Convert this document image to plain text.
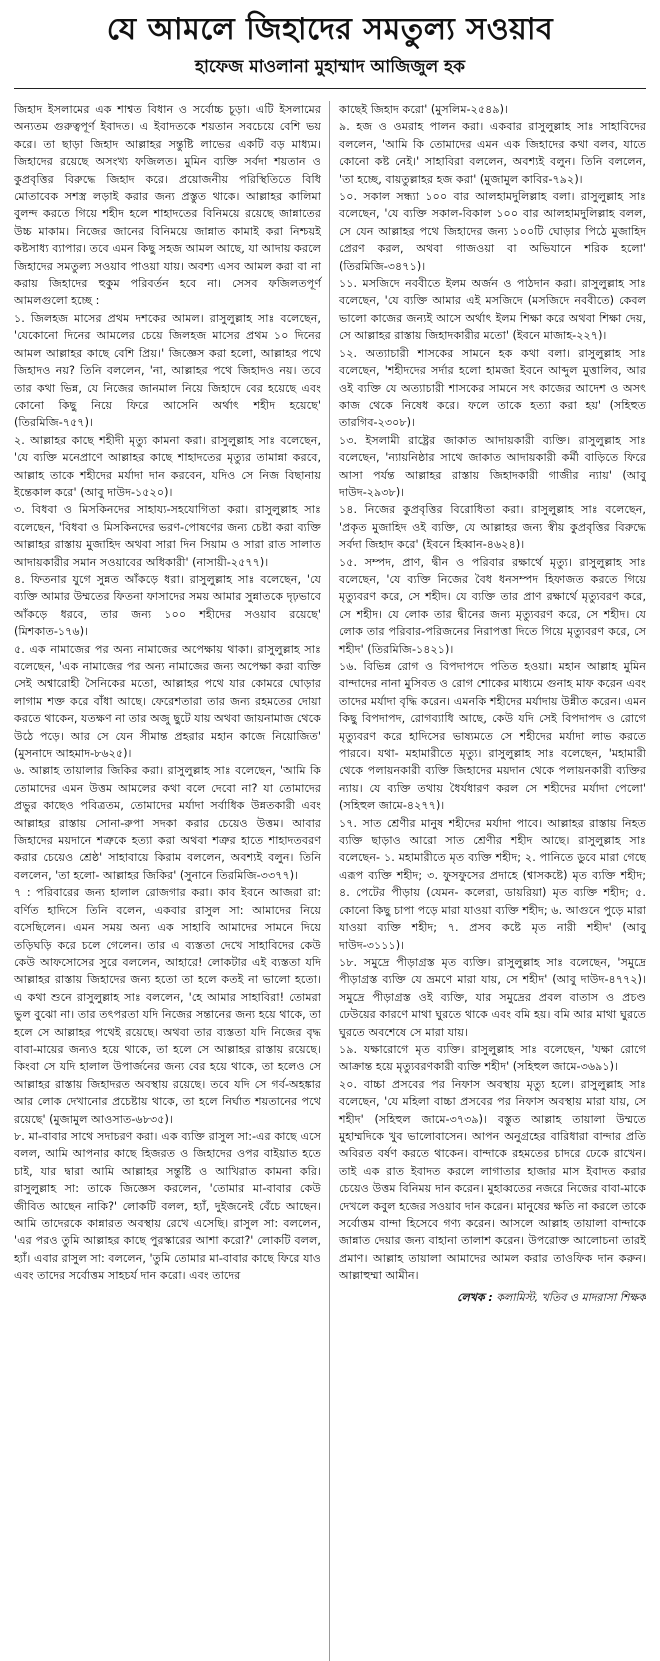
যে আমলে জিহাদের সমতুল্য সওয়াব
হাফেজ মাওলানা মুহাম্মাদ আজিজুল হক

জিহাদ ইসলামের এক শাশ্বত বিধান ও সর্বোচ্চ চূড়া। এটি ইসলামের অন্যতম গুরুত্বপূর্ণ ইবাদত। এ ইবাদতকে শয়তান সবচেয়ে বেশি ভয় করে। তা ছাড়া জিহাদ আল্লাহর সন্তুষ্টি লাভের একটি বড় মাধ্যম। জিহাদের রয়েছে অসংখ্য ফজিলত। মুমিন ব্যক্তি সর্বদা শয়তান ও কুপ্রবৃত্তির বিরুদ্ধে জিহাদ করে। প্রয়োজনীয় পরিস্থিতিতে বিধি মোতাবেক সশস্ত্র লড়াই করার জন্য প্রস্তুত থাকে। আল্লাহর কালিমা বুলন্দ করতে গিয়ে শহীদ হলে শাহাদতের বিনিময়ে রয়েছে জান্নাতের উচ্চ মাকাম। নিজের জানের বিনিময়ে জান্নাত কামাই করা নিশ্চয়ই কষ্টসাধ্য ব্যাপার। তবে এমন কিছু সহজ আমল আছে, যা আদায় করলে জিহাদের সমতুল্য সওয়াব পাওয়া যায়। অবশ্য এসব আমল করা বা না করায় জিহাদের হুকুম পরিবর্তন হবে না। সেসব ফজিলতপূর্ণ আমলগুলো হচ্ছে :

১. জিলহজ মাসের প্রথম দশকের আমল। রাসুলুল্লাহ সাঃ বলেছেন, 'যেকোনো দিনের আমলের চেয়ে জিলহজ মাসের প্রথম ১০ দিনের আমল আল্লাহর কাছে বেশি প্রিয়।' জিজ্ঞেস করা হলো, আল্লাহর পথে জিহাদও নয়? তিনি বললেন, 'না, আল্লাহর পথে জিহাদও নয়। তবে তার কথা ভিন্ন, যে নিজের জানমাল নিয়ে জিহাদে বের হয়েছে এবং কোনো কিছু নিয়ে ফিরে আসেনি অর্থাৎ শহীদ হয়েছে' (তিরমিজি-৭৫৭)।

২. আল্লাহর কাছে শহীদী মৃত্যু কামনা করা। রাসুলুল্লাহ সাঃ বলেছেন, 'যে ব্যক্তি মনেপ্রাণে আল্লাহর কাছে শাহাদতের মৃত্যুর তামান্না করবে, আল্লাহ তাকে শহীদের মর্যাদা দান করবেন, যদিও সে নিজ বিছানায় ইন্তেকাল করে' (আবু দাউদ-১৫২০)।

৩. বিধবা ও মিসকিনদের সাহায্য-সহযোগিতা করা। রাসুলুল্লাহ সাঃ বলেছেন, 'বিধবা ও মিসকিনদের ভরণ-পোষণের জন্য চেষ্টা করা ব্যক্তি আল্লাহর রাস্তায় মুজাহিদ অথবা সারা দিন সিয়াম ও সারা রাত সালাত আদায়কারীর সমান সওয়াবের অধিকারী' (নাসায়ী-২৫৭৭)।

৪. ফিতনার যুগে সুন্নত আঁকড়ে ধরা। রাসুলুল্লাহ সাঃ বলেছেন, 'যে ব্যক্তি আমার উম্মতের ফিতনা ফাসাদের সময় আমার সুন্নাতকে দৃঢ়ভাবে আঁকড়ে ধরবে, তার জন্য ১০০ শহীদের সওয়াব রয়েছে' (মিশকাত-১৭৬)।

৫. এক নামাজের পর অন্য নামাজের অপেক্ষায় থাকা। রাসুলুল্লাহ সাঃ বলেছেন, 'এক নামাজের পর অন্য নামাজের জন্য অপেক্ষা করা ব্যক্তি সেই অশ্বারোহী সৈনিকের মতো, আল্লাহর পথে যার কোমরে ঘোড়ার লাগাম শক্ত করে বাঁধা আছে। ফেরেশতারা তার জন্য রহমতের দোয়া করতে থাকেন, যতক্ষণ না তার অজু ছুটে যায় অথবা জায়নামাজ থেকে উঠে পড়ে। আর সে যেন সীমান্ত প্রহরার মহান কাজে নিয়োজিত' (মুসনাদে আহমাদ-৮৬২৫)।

৬. আল্লাহ তায়ালার জিকির করা। রাসুলুল্লাহ সাঃ বলেছেন, 'আমি কি তোমাদের এমন উত্তম আমলের কথা বলে দেবো না? যা তোমাদের প্রভুর কাছেও পবিত্রতম, তোমাদের মর্যাদা সর্বাধিক উন্নতকারী এবং আল্লাহর রাস্তায় সোনা-রুপা সদকা করার চেয়েও উত্তম। আবার জিহাদের ময়দানে শত্রুকে হত্যা করা অথবা শত্রুর হাতে শাহাদতবরণ করার চেয়েও শ্রেষ্ঠ' সাহাবায়ে কিরাম বললেন, অবশ্যই বলুন। তিনি বললেন, 'তা হলো- আল্লাহর জিকির' (সুনানে তিরমিজি-৩৩৭৭)।

৭ : পরিবারের জন্য হালাল রোজগার করা। কাব ইবনে আজরা রা: বর্ণিত হাদিসে তিনি বলেন, একবার রাসুল সা: আমাদের নিয়ে বসেছিলেন। এমন সময় অন্য এক সাহাবি আমাদের সামনে দিয়ে তড়িঘড়ি করে চলে গেলেন। তার এ ব্যস্ততা দেখে সাহাবিদের কেউ কেউ আফসোসের সুরে বললেন, আহারে! লোকটার এই ব্যস্ততা যদি আল্লাহর রাস্তায় জিহাদের জন্য হতো তা হলে কতই না ভালো হতো। এ কথা শুনে রাসুলুল্লাহ সাঃ বললেন, 'হে আমার সাহাবিরা! তোমরা ভুল বুঝো না। তার তৎপরতা যদি নিজের সন্তানের জন্য হয়ে থাকে, তা হলে সে আল্লাহর পথেই রয়েছে। অথবা তার ব্যস্ততা যদি নিজের বৃদ্ধ বাবা-মায়ের জন্যও হয়ে থাকে, তা হলে সে আল্লাহর রাস্তায় রয়েছে। কিংবা সে যদি হালাল উপার্জনের জন্য বের হয়ে থাকে, তা হলেও সে আল্লাহর রাস্তায় জিহাদরত অবস্থায় রয়েছে। তবে যদি সে গর্ব-অহঙ্কার আর লোক দেখানোর প্রচেষ্টায় থাকে, তা হলে নির্ঘাত শয়তানের পথে রয়েছে' (মুজামুল আওসাত-৬৮৩৫)।

৮. মা-বাবার সাথে সদাচরণ করা। এক ব্যক্তি রাসুল সা:-এর কাছে এসে বলল, আমি আপনার কাছে হিজরত ও জিহাদের ওপর বাইয়াত হতে চাই, যার দ্বারা আমি আল্লাহর সন্তুষ্টি ও আখিরাত কামনা করি। রাসুলুল্লাহ সা: তাকে জিজ্ঞেস করলেন, 'তোমার মা-বাবার কেউ জীবিত আছেন নাকি?' লোকটি বলল, হ্যাঁ, দুইজনেই বেঁচে আছেন। আমি তাদেরকে কান্নারত অবস্থায় রেখে এসেছি। রাসুল সা: বললেন, 'এর পরও তুমি আল্লাহর কাছে পুরস্কারের আশা করো?' লোকটি বলল, হ্যাঁ। এবার রাসুল সা: বললেন, 'তুমি তোমার মা-বাবার কাছে ফিরে যাও এবং তাদের সর্বোত্তম সাহচর্য দান করো। এবং তাদের

কাছেই জিহাদ করো' (মুসলিম-২৫৪৯)।

৯. হজ ও ওমরাহ পালন করা। একবার রাসুলুল্লাহ সাঃ সাহাবিদের বললেন, 'আমি কি তোমাদের এমন এক জিহাদের কথা বলব, যাতে কোনো কষ্ট নেই।' সাহাবিরা বললেন, অবশ্যই বলুন। তিনি বললেন, 'তা হচ্ছে, বায়তুল্লাহর হজ করা' (মুজামুল কাবির-৭৯২)।

১০. সকাল সন্ধ্যা ১০০ বার আলহামদুলিল্লাহ বলা। রাসুলুল্লাহ সাঃ বলেছেন, 'যে ব্যক্তি সকাল-বিকাল ১০০ বার আলহামদুলিল্লাহ বলল, সে যেন আল্লাহর পথে জিহাদের জন্য ১০০টি ঘোড়ার পিঠে মুজাহিদ প্রেরণ করল, অথবা গাজওয়া বা অভিযানে শরিক হলো' (তিরমিজি-৩৪৭১)।

১১. মসজিদে নববীতে ইলম অর্জন ও পাঠদান করা। রাসুলুল্লাহ সাঃ বলেছেন, 'যে ব্যক্তি আমার এই মসজিদে (মসজিদে নববীতে) কেবল ভালো কাজের জন্যই আসে অর্থাৎ ইলম শিক্ষা করে অথবা শিক্ষা দেয়, সে আল্লাহর রাস্তায় জিহাদকারীর মতো' (ইবনে মাজাহ-২২৭)।

১২. অত্যাচারী শাসকের সামনে হক কথা বলা। রাসুলুল্লাহ সাঃ বলেছেন, 'শহীদদের সর্দার হলো হামজা ইবনে আব্দুল মুত্তালিব, আর ওই ব্যক্তি যে অত্যাচারী শাসকের সামনে সৎ কাজের আদেশ ও অসৎ কাজ থেকে নিষেধ করে। ফলে তাকে হত্যা করা হয়' (সহিহুত তারগিব-২৩০৮)।

১৩. ইসলামী রাষ্ট্রের জাকাত আদায়কারী ব্যক্তি। রাসুলুল্লাহ সাঃ বলেছেন, 'ন্যায়নিষ্ঠার সাথে জাকাত আদায়কারী কর্মী বাড়িতে ফিরে আসা পর্যন্ত আল্লাহর রাস্তায় জিহাদকারী গাজীর ন্যায়' (আবু দাউদ-২৯৩৮)।

১৪. নিজের কুপ্রবৃত্তির বিরোধিতা করা। রাসুলুল্লাহ সাঃ বলেছেন, 'প্রকৃত মুজাহিদ ওই ব্যক্তি, যে আল্লাহর জন্য স্বীয় কুপ্রবৃত্তির বিরুদ্ধে সর্বদা জিহাদ করে' (ইবনে হিব্বান-৪৬২৪)।

১৫. সম্পদ, প্রাণ, দ্বীন ও পরিবার রক্ষার্থে মৃত্যু। রাসুলুল্লাহ সাঃ বলেছেন, 'যে ব্যক্তি নিজের বৈধ ধনসম্পদ হিফাজত করতে গিয়ে মৃত্যুবরণ করে, সে শহীদ। যে ব্যক্তি তার প্রাণ রক্ষার্থে মৃত্যুবরণ করে, সে শহীদ। যে লোক তার দ্বীনের জন্য মৃত্যুবরণ করে, সে শহীদ। যে লোক তার পরিবার-পরিজনের নিরাপত্তা দিতে গিয়ে মৃত্যুবরণ করে, সে শহীদ' (তিরমিজি-১৪২১)।

১৬. বিভিন্ন রোগ ও বিপদাপদে পতিত হওয়া। মহান আল্লাহ মুমিন বান্দাদের নানা মুসিবত ও রোগ শোকের মাধ্যমে গুনাহ মাফ করেন এবং তাদের মর্যাদা বৃদ্ধি করেন। এমনকি শহীদের মর্যাদায় উন্নীত করেন। এমন কিছু বিপদাপদ, রোগব্যাধি আছে, কেউ যদি সেই বিপদাপদ ও রোগে মৃত্যুবরণ করে হাদিসের ভাষ্যমতে সে শহীদের মর্যাদা লাভ করতে পারবে। যথা- মহামারীতে মৃত্যু। রাসুলুল্লাহ সাঃ বলেছেন, 'মহামারী থেকে পলায়নকারী ব্যক্তি জিহাদের ময়দান থেকে পলায়নকারী ব্যক্তির ন্যায়। যে ব্যক্তি তথায় ধৈর্যধারণ করল সে শহীদের মর্যাদা পেলো' (সহিহুল জামে-৪২৭৭)।

১৭. সাত শ্রেণীর মানুষ শহীদের মর্যাদা পাবে। আল্লাহর রাস্তায় নিহত ব্যক্তি ছাড়াও আরো সাত শ্রেণীর শহীদ আছে। রাসুলুল্লাহ সাঃ বলেছেন- ১. মহামারীতে মৃত ব্যক্তি শহীদ; ২. পানিতে ডুবে মারা গেছে এরূপ ব্যক্তি শহীদ; ৩. ফুসফুসের প্রদাহে (শ্বাসকষ্টে) মৃত ব্যক্তি শহীদ; ৪. পেটের পীড়ায় (যেমন- কলেরা, ডায়রিয়া) মৃত ব্যক্তি শহীদ; ৫. কোনো কিছু চাপা পড়ে মারা যাওয়া ব্যক্তি শহীদ; ৬. আগুনে পুড়ে মারা যাওয়া ব্যক্তি শহীদ; ৭. প্রসব কষ্টে মৃত নারী শহীদ' (আবু দাউদ-৩১১১)।

১৮. সমুদ্রে পীড়াগ্রস্ত মৃত ব্যক্তি। রাসুলুল্লাহ সাঃ বলেছেন, 'সমুদ্রে পীড়াগ্রস্ত ব্যক্তি যে ভ্রমণে মারা যায়, সে শহীদ' (আবু দাউদ-৪৭৭২)। সমুদ্রে পীড়াগ্রস্ত ওই ব্যক্তি, যার সমুদ্রের প্রবল বাতাস ও প্রচণ্ড ঢেউয়ের কারণে মাথা ঘুরতে থাকে এবং বমি হয়। বমি আর মাথা ঘুরতে ঘুরতে অবশেষে সে মারা যায়।

১৯. যক্ষারোগে মৃত ব্যক্তি। রাসুলুল্লাহ সাঃ বলেছেন, 'যক্ষা রোগে আক্রান্ত হয়ে মৃত্যুবরণকারী ব্যক্তি শহীদ' (সহিহুল জামে-৩৬৯১)।

২০. বাচ্চা প্রসবের পর নিফাস অবস্থায় মৃত্যু হলে। রাসুলুল্লাহ সাঃ বলেছেন, 'যে মহিলা বাচ্চা প্রসবের পর নিফাস অবস্থায় মারা যায়, সে শহীদ' (সহিহুল জামে-৩৭৩৯)। বস্তুত আল্লাহ তায়ালা উম্মতে মুহাম্মদিকে খুব ভালোবাসেন। আপন অনুগ্রহের বারিধারা বান্দার প্রতি অবিরত বর্ষণ করতে থাকেন। বান্দাকে রহমতের চাদরে ঢেকে রাখেন। তাই এক রাত ইবাদত করলে লাগাতার হাজার মাস ইবাদত করার চেয়েও উত্তম বিনিময় দান করেন। মুহাব্বতের নজরে নিজের বাবা-মাকে দেখলে কবুল হজের সওয়াব দান করেন। মানুষের ক্ষতি না করলে তাকে সর্বোত্তম বান্দা হিসেবে গণ্য করেন। আসলে আল্লাহ তায়ালা বান্দাকে জান্নাত দেয়ার জন্য বাহানা তালাশ করেন। উপরোক্ত আলোচনা তারই প্রমাণ। আল্লাহ তায়ালা আমাদের আমল করার তাওফিক দান করুন। আল্লাহুম্মা আমীন।

লেখক : কলামিস্ট, খতিব ও মাদরাসা শিক্ষক
